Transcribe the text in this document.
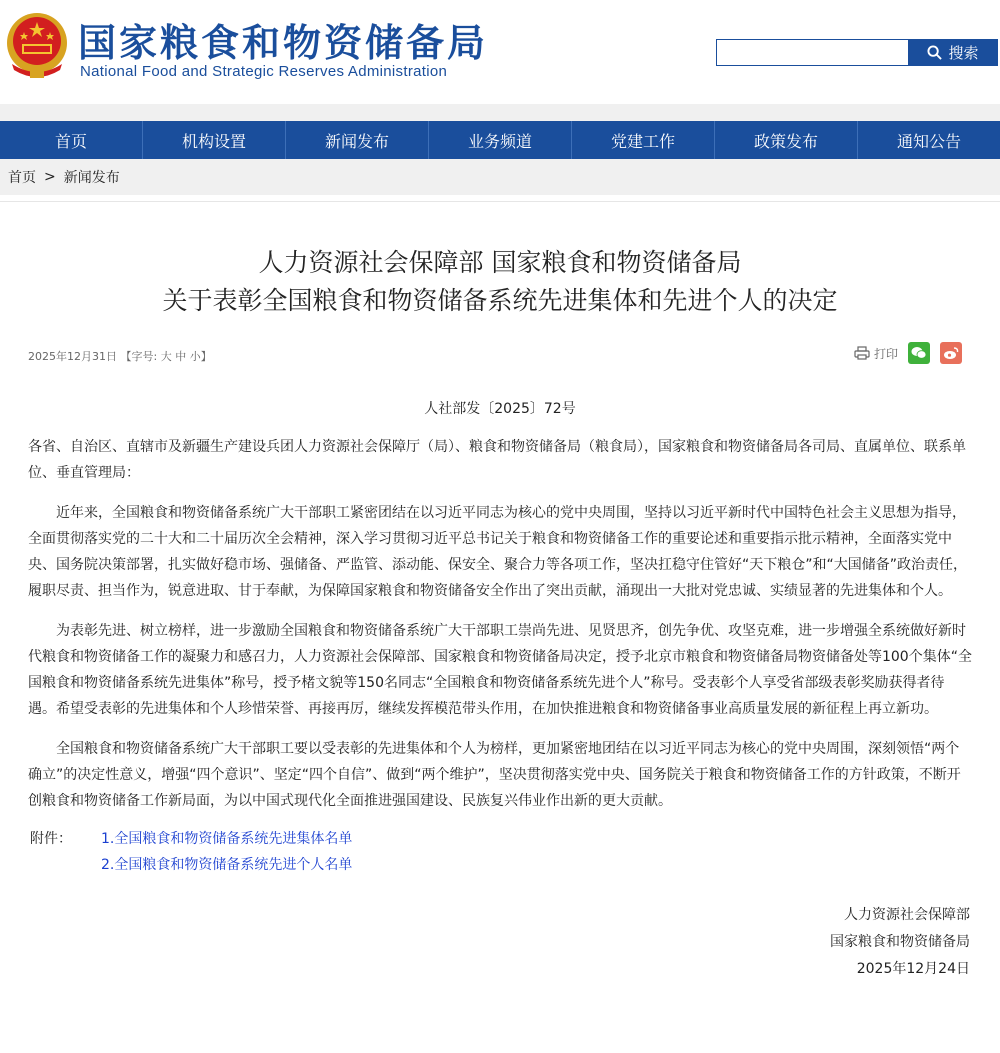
国家粮食和物资储备局
National Food and Strategic Reserves Administration
搜索
首页	机构设置	新闻发布	业务频道	党建工作	政策发布	通知公告
首页 > 新闻发布
人力资源社会保障部 国家粮食和物资储备局
关于表彰全国粮食和物资储备系统先进集体和先进个人的决定
2025年12月31日 【字号: 大 中 小】	打印
人社部发〔2025〕72号

各省、自治区、直辖市及新疆生产建设兵团人力资源社会保障厅（局）、粮食和物资储备局（粮食局），国家粮食和物资储备局各司局、直属单位、联系单位、垂直管理局：

近年来，全国粮食和物资储备系统广大干部职工紧密团结在以习近平同志为核心的党中央周围，坚持以习近平新时代中国特色社会主义思想为指导，全面贯彻落实党的二十大和二十届历次全会精神，深入学习贯彻习近平总书记关于粮食和物资储备工作的重要论述和重要指示批示精神，全面落实党中央、国务院决策部署，扎实做好稳市场、强储备、严监管、添动能、保安全、聚合力等各项工作，坚决扛稳守住管好“天下粮仓”和“大国储备”政治责任，履职尽责、担当作为，锐意进取、甘于奉献，为保障国家粮食和物资储备安全作出了突出贡献，涌现出一大批对党忠诚、实绩显著的先进集体和个人。

为表彰先进、树立榜样，进一步激励全国粮食和物资储备系统广大干部职工崇尚先进、见贤思齐，创先争优、攻坚克难，进一步增强全系统做好新时代粮食和物资储备工作的凝聚力和感召力，人力资源社会保障部、国家粮食和物资储备局决定，授予北京市粮食和物资储备局物资储备处等100个集体“全国粮食和物资储备系统先进集体”称号，授予楮文貌等150名同志“全国粮食和物资储备系统先进个人”称号。受表彰个人享受省部级表彰奖励获得者待遇。希望受表彰的先进集体和个人珍惜荣誉、再接再厉，继续发挥模范带头作用，在加快推进粮食和物资储备事业高质量发展的新征程上再立新功。

全国粮食和物资储备系统广大干部职工要以受表彰的先进集体和个人为榜样，更加紧密地团结在以习近平同志为核心的党中央周围，深刻领悟“两个确立”的决定性意义，增强“四个意识”、坚定“四个自信”、做到“两个维护”，坚决贯彻落实党中央、国务院关于粮食和物资储备工作的方针政策，不断开创粮食和物资储备工作新局面，为以中国式现代化全面推进强国建设、民族复兴伟业作出新的更大贡献。

附件：	1.全国粮食和物资储备系统先进集体名单
2.全国粮食和物资储备系统先进个人名单
人力资源社会保障部
国家粮食和物资储备局
2025年12月24日
